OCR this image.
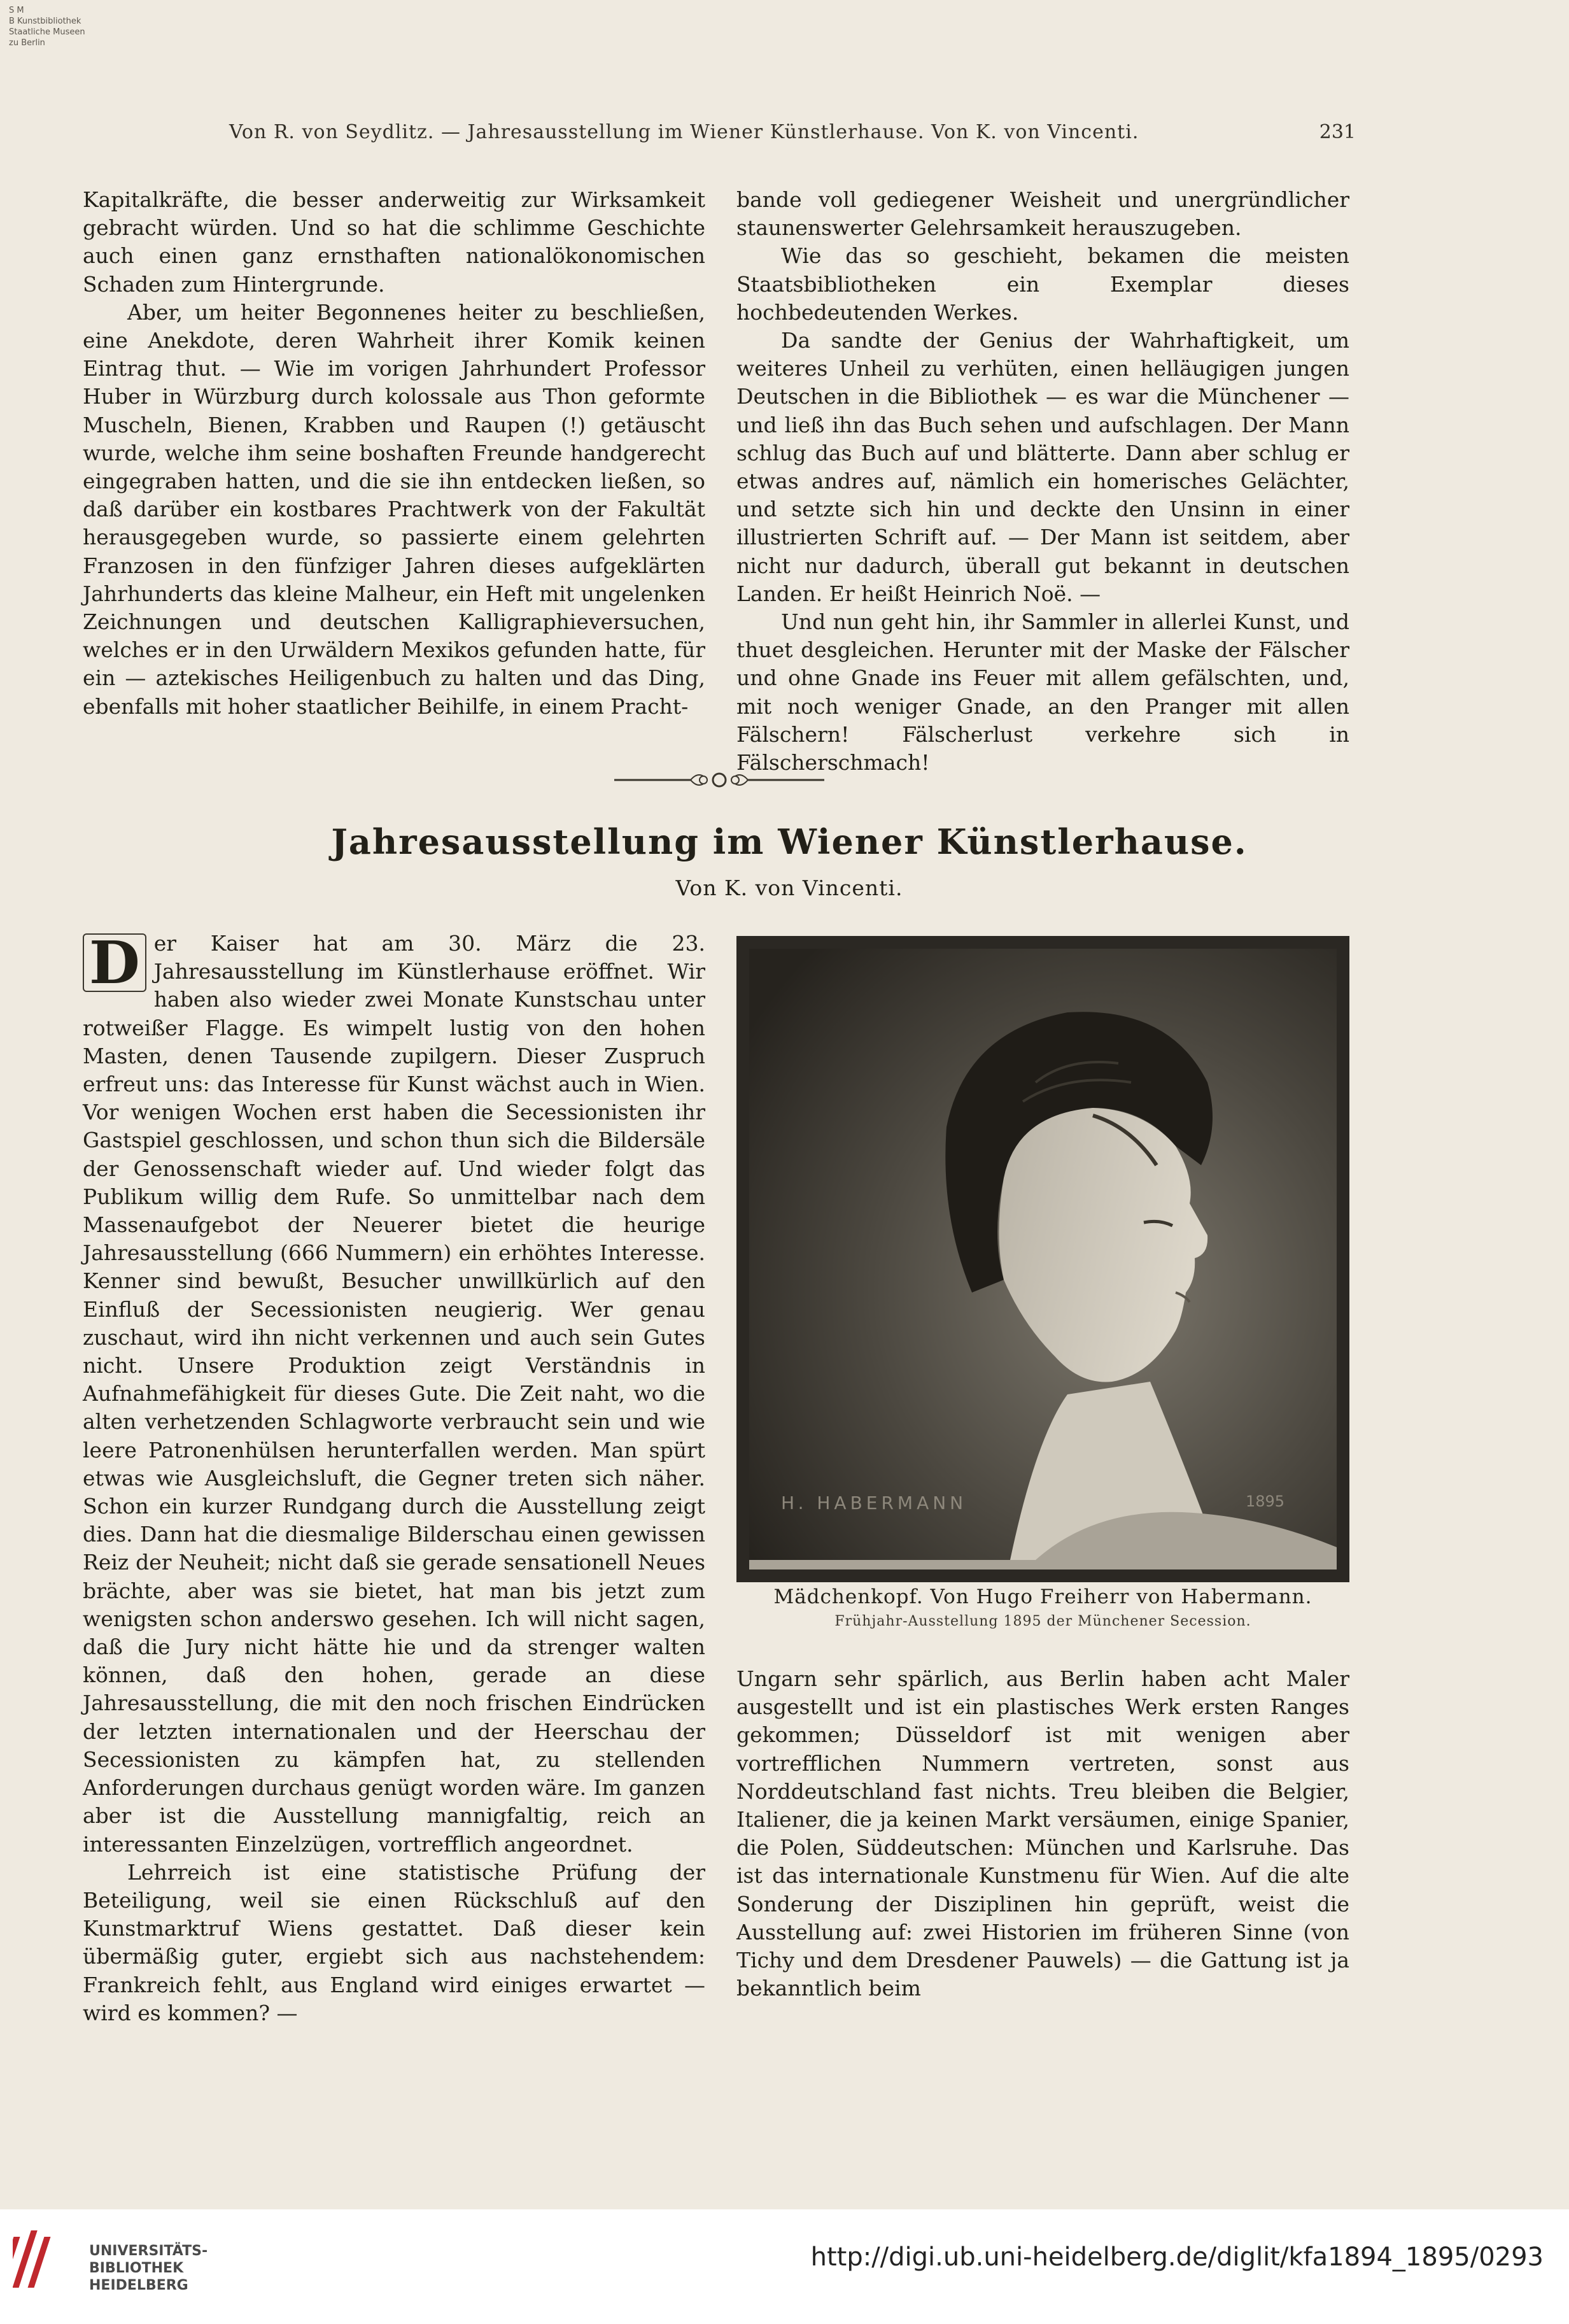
S M
B Kunstbibliothek
Staatliche Museen
zu Berlin
Von R. von Seydlitz. — Jahresausstellung im Wiener Künstlerhause. Von K. von Vincenti.	231

Kapitalkräfte, die besser anderweitig zur Wirksamkeit gebracht würden. Und so hat die schlimme Geschichte auch einen ganz ernsthaften nationalökonomischen Schaden zum Hintergrunde.

Aber, um heiter Begonnenes heiter zu beschließen, eine Anekdote, deren Wahrheit ihrer Komik keinen Eintrag thut. — Wie im vorigen Jahrhundert Professor Huber in Würzburg durch kolossale aus Thon geformte Muscheln, Bienen, Krabben und Raupen (!) getäuscht wurde, welche ihm seine boshaften Freunde handgerecht eingegraben hatten, und die sie ihn entdecken ließen, so daß darüber ein kostbares Prachtwerk von der Fakultät herausgegeben wurde, so passierte einem gelehrten Franzosen in den fünfziger Jahren dieses aufgeklärten Jahrhunderts das kleine Malheur, ein Heft mit ungelenken Zeichnungen und deutschen Kalligraphieversuchen, welches er in den Urwäldern Mexikos gefunden hatte, für ein — aztekisches Heiligenbuch zu halten und das Ding, ebenfalls mit hoher staatlicher Beihilfe, in einem Pracht-

bande voll gediegener Weisheit und unergründlicher staunenswerter Gelehrsamkeit herauszugeben.

Wie das so geschieht, bekamen die meisten Staatsbibliotheken ein Exemplar dieses hochbedeutenden Werkes.

Da sandte der Genius der Wahrhaftigkeit, um weiteres Unheil zu verhüten, einen helläugigen jungen Deutschen in die Bibliothek — es war die Münchener — und ließ ihn das Buch sehen und aufschlagen. Der Mann schlug das Buch auf und blätterte. Dann aber schlug er etwas andres auf, nämlich ein homerisches Gelächter, und setzte sich hin und deckte den Unsinn in einer illustrierten Schrift auf. — Der Mann ist seitdem, aber nicht nur dadurch, überall gut bekannt in deutschen Landen. Er heißt Heinrich Noë. —

Und nun geht hin, ihr Sammler in allerlei Kunst, und thuet desgleichen. Herunter mit der Maske der Fälscher und ohne Gnade ins Feuer mit allem gefälschten, und, mit noch weniger Gnade, an den Pranger mit allen Fälschern! Fälscherlust verkehre sich in Fälscherschmach!

Jahresausstellung im Wiener Künstlerhause.
Von K. von Vincenti.

D er Kaiser hat am 30. März die 23. Jahresausstellung im Künstlerhause eröffnet. Wir haben also wieder zwei Monate Kunstschau unter rotweißer Flagge. Es wimpelt lustig von den hohen Masten, denen Tausende zupilgern. Dieser Zuspruch erfreut uns: das Interesse für Kunst wächst auch in Wien. Vor wenigen Wochen erst haben die Secessionisten ihr Gastspiel geschlossen, und schon thun sich die Bildersäle der Genossenschaft wieder auf. Und wieder folgt das Publikum willig dem Rufe. So unmittelbar nach dem Massenaufgebot der Neuerer bietet die heurige Jahresausstellung (666 Nummern) ein erhöhtes Interesse. Kenner sind bewußt, Besucher unwillkürlich auf den Einfluß der Secessionisten neugierig. Wer genau zuschaut, wird ihn nicht verkennen und auch sein Gutes nicht. Unsere Produktion zeigt Verständnis in Aufnahmefähigkeit für dieses Gute. Die Zeit naht, wo die alten verhetzenden Schlagworte verbraucht sein und wie leere Patronenhülsen herunterfallen werden. Man spürt etwas wie Ausgleichsluft, die Gegner treten sich näher. Schon ein kurzer Rundgang durch die Ausstellung zeigt dies. Dann hat die diesmalige Bilderschau einen gewissen Reiz der Neuheit; nicht daß sie gerade sensationell Neues brächte, aber was sie bietet, hat man bis jetzt zum wenigsten schon anderswo gesehen. Ich will nicht sagen, daß die Jury nicht hätte hie und da strenger walten können, daß den hohen, gerade an diese Jahresausstellung, die mit den noch frischen Eindrücken der letzten internationalen und der Heerschau der Secessionisten zu kämpfen hat, zu stellenden Anforderungen durchaus genügt worden wäre. Im ganzen aber ist die Ausstellung mannigfaltig, reich an interessanten Einzelzügen, vortrefflich angeordnet.

Lehrreich ist eine statistische Prüfung der Beteiligung, weil sie einen Rückschluß auf den Kunstmarktruf Wiens gestattet. Daß dieser kein übermäßig guter, ergiebt sich aus nachstehendem: Frankreich fehlt, aus England wird einiges erwartet — wird es kommen? —

H. HABERMANN	1895
Mädchenkopf. Von Hugo Freiherr von Habermann.
Frühjahr-Ausstellung 1895 der Münchener Secession.

Ungarn sehr spärlich, aus Berlin haben acht Maler ausgestellt und ist ein plastisches Werk ersten Ranges gekommen; Düsseldorf ist mit wenigen aber vortrefflichen Nummern vertreten, sonst aus Norddeutschland fast nichts. Treu bleiben die Belgier, Italiener, die ja keinen Markt versäumen, einige Spanier, die Polen, Süddeutschen: München und Karlsruhe. Das ist das internationale Kunstmenu für Wien. Auf die alte Sonderung der Disziplinen hin geprüft, weist die Ausstellung auf: zwei Historien im früheren Sinne (von Tichy und dem Dresdener Pauwels) — die Gattung ist ja bekanntlich beim

UNIVERSITÄTS-
BIBLIOTHEK
HEIDELBERG
http://digi.ub.uni-heidelberg.de/diglit/kfa1894_1895/0293
